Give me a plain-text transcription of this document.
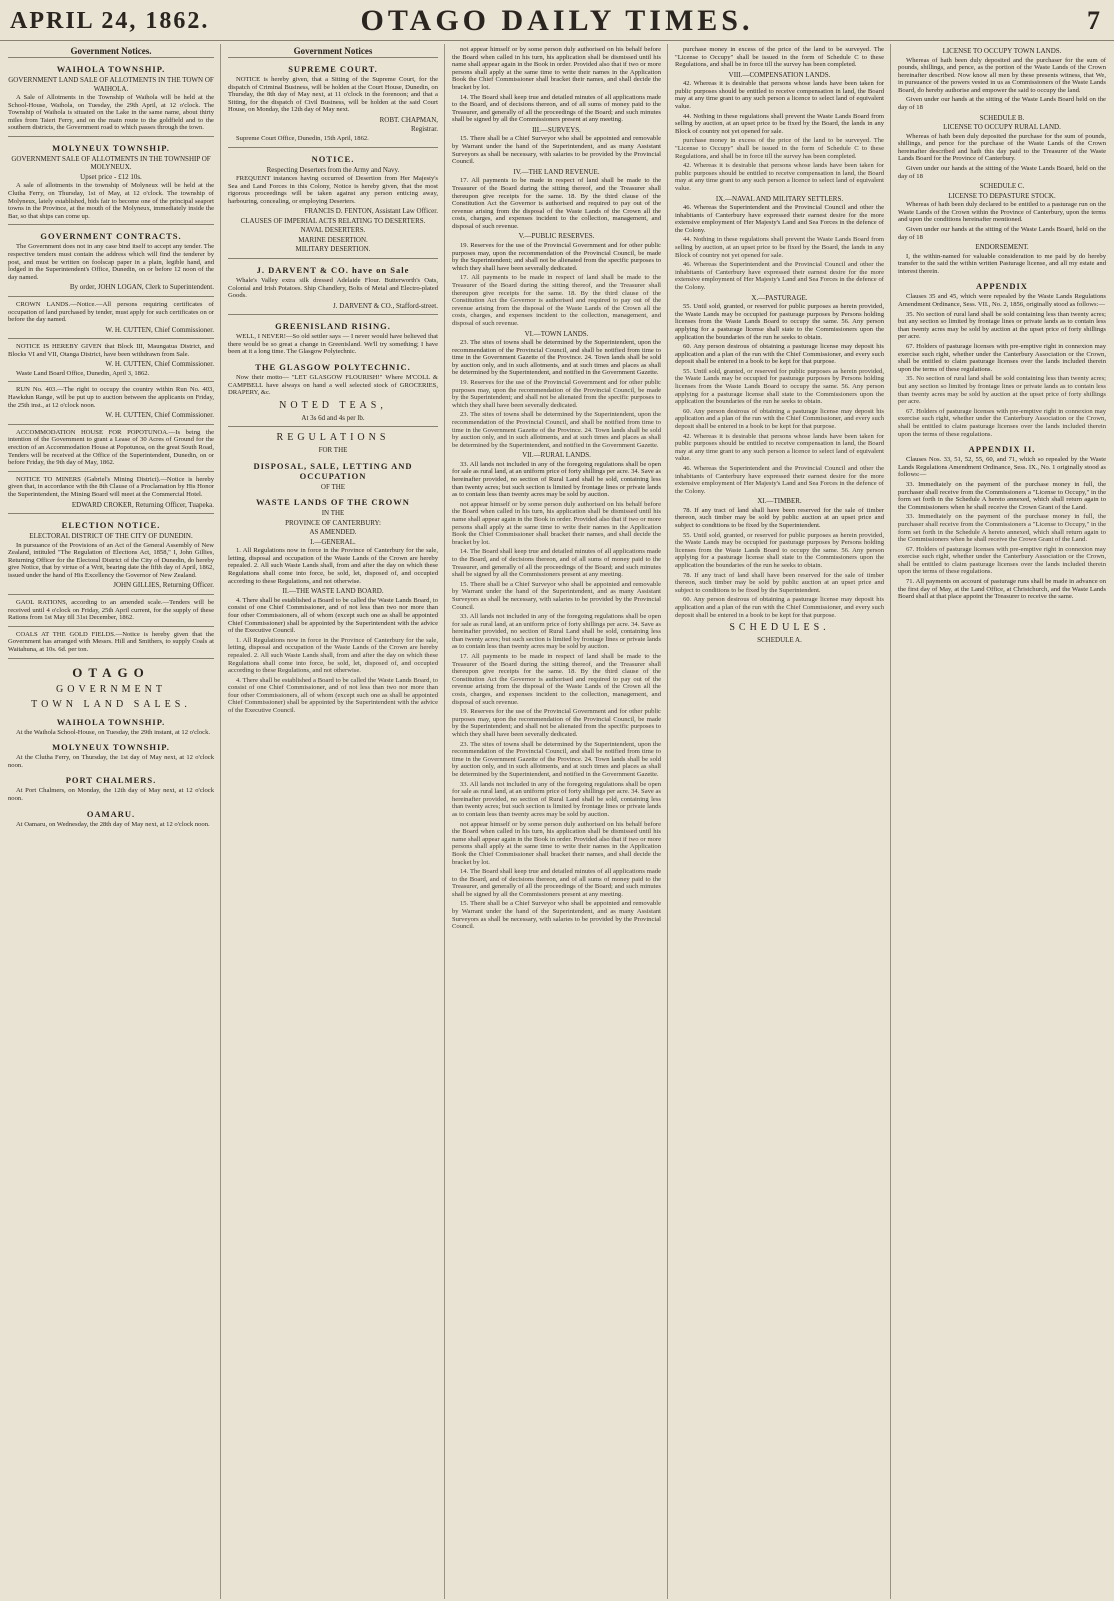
APRIL 24, 1862.	OTAGO DAILY TIMES.	7
Government Notices.
WAIHOLA TOWNSHIP.
GOVERNMENT LAND SALE OF ALLOTMENTS IN THE TOWN OF WAIHOLA.

A Sale of Allotments in the Township of Waihola will be held at the School-House, Waihola, on Tuesday, the 29th April, at 12 o'clock. The Township of Waihola is situated on the Lake in the same name, about thirty miles from Taieri Ferry, and on the main route to the goldfield and to the southern districts, the Government road to which passes through the town.

MOLYNEUX TOWNSHIP.
GOVERNMENT SALE OF ALLOTMENTS IN THE TOWNSHIP OF MOLYNEUX.
Upset price - £12 10s.

A sale of allotments in the township of Molyneux will be held at the Clutha Ferry, on Thursday, 1st of May, at 12 o'clock. The township of Molyneux, lately established, bids fair to become one of the principal seaport towns in the Province, at the mouth of the Molyneux, immediately inside the Bar, so that ships can come up.

GOVERNMENT CONTRACTS.

The Government does not in any case bind itself to accept any tender. The respective tenders must contain the address which will find the tenderer by post, and must be written on foolscap paper in a plain, legible hand, and lodged in the Superintendent's Office, Dunedin, on or before 12 noon of the day named.

By order, JOHN LOGAN, Clerk to Superintendent.

CROWN LANDS.—Notice.—All persons requiring certificates of occupation of land purchased by tender, must apply for such certificates on or before the day named.

W. H. CUTTEN, Chief Commissioner.

NOTICE IS HEREBY GIVEN that Block III, Maungatua District, and Blocks VI and VII, Otanga District, have been withdrawn from Sale.

W. H. CUTTEN, Chief Commissioner.

Waste Land Board Office, Dunedin, April 3, 1862.

RUN No. 403.—The right to occupy the country within Run No. 403, Hawkdun Range, will be put up to auction between the applicants on Friday, the 25th inst., at 12 o'clock noon.

W. H. CUTTEN, Chief Commissioner.

ACCOMMODATION HOUSE FOR POPOTUNOA.—Is being the intention of the Government to grant a Lease of 30 Acres of Ground for the erection of an Accommodation House at Popotunoa, on the great South Road, Tenders will be received at the Office of the Superintendent, Dunedin, on or before Friday, the 9th day of May, 1862.

NOTICE TO MINERS (Gabriel's Mining District).—Notice is hereby given that, in accordance with the 8th Clause of a Proclamation by His Honor the Superintendent, the Mining Board will meet at the Commercial Hotel.

EDWARD CROKER, Returning Officer, Tuapeka.
ELECTION NOTICE.
ELECTORAL DISTRICT OF THE CITY OF DUNEDIN.

In pursuance of the Provisions of an Act of the General Assembly of New Zealand, intituled "The Regulation of Elections Act, 1858," I, John Gillies, Returning Officer for the Electoral District of the City of Dunedin, do hereby give Notice, that by virtue of a Writ, bearing date the fifth day of April, 1862, issued under the hand of His Excellency the Governor of New Zealand.

JOHN GILLIES, Returning Officer.

GAOL RATIONS, according to an amended scale.—Tenders will be received until 4 o'clock on Friday, 25th April current, for the supply of these Rations from 1st May till 31st December, 1862.

COALS AT THE GOLD FIELDS.—Notice is hereby given that the Government has arranged with Messrs. Hill and Smithers, to supply Coals at Waitahuna, at 10s. 6d. per ton.

OTAGO
GOVERNMENT
TOWN LAND SALES.
WAIHOLA TOWNSHIP.

At the Waihola School-House, on Tuesday, the 29th instant, at 12 o'clock.

MOLYNEUX TOWNSHIP.

At the Clutha Ferry, on Thursday, the 1st day of May next, at 12 o'clock noon.

PORT CHALMERS.

At Port Chalmers, on Monday, the 12th day of May next, at 12 o'clock noon.

OAMARU.

At Oamaru, on Wednesday, the 28th day of May next, at 12 o'clock noon.

Government Notices
SUPREME COURT.

NOTICE is hereby given, that a Sitting of the Supreme Court, for the dispatch of Criminal Business, will be holden at the Court House, Dunedin, on Thursday, the 8th day of May next, at 11 o'clock in the forenoon; and that a Sitting, for the dispatch of Civil Business, will be holden at the said Court House, on Monday, the 12th day of May next.

ROBT. CHAPMAN,
Registrar.

Supreme Court Office, Dunedin, 15th April, 1862.

NOTICE.
Respecting Deserters from the Army and Navy.

FREQUENT instances having occurred of Desertion from Her Majesty's Sea and Land Forces in this Colony, Notice is hereby given, that the most rigorous proceedings will be taken against any person enticing away, harbouring, concealing, or employing Deserters.

FRANCIS D. FENTON, Assistant Law Officer.
CLAUSES OF IMPERIAL ACTS RELATING TO DESERTERS.
NAVAL DESERTERS.
MARINE DESERTION.
MILITARY DESERTION.
J. DARVENT & CO. have on Sale

Whale's Valley extra silk dressed Adelaide Flour. Butterworth's Oats, Colonial and Irish Potatoes. Ship Chandlery, Bolts of Metal and Electro-plated Goods.

J. DARVENT & CO., Stafford-street.
GREENISLAND RISING.

WELL, I NEVER!—So old settler says — I never would have believed that there would be so great a change in Greenisland. We'll try something; I have been at it a long time. The Glasgow Polytechnic.

THE GLASGOW POLYTECHNIC.

Now their motto— "LET GLASGOW FLOURISH!" Where M'COLL & CAMPBELL have always on hand a well selected stock of GROCERIES, DRAPERY, &c.

NOTED TEAS,
At 3s 6d and 4s per lb.
REGULATIONS
FOR THE
DISPOSAL, SALE, LETTING AND OCCUPATION
OF THE
WASTE LANDS OF THE CROWN
IN THE
PROVINCE OF CANTERBURY:
AS AMENDED.
I.—GENERAL.

1. All Regulations now in force in the Province of Canterbury for the sale, letting, disposal and occupation of the Waste Lands of the Crown are hereby repealed. 2. All such Waste Lands shall, from and after the day on which these Regulations shall come into force, be sold, let, disposed of, and occupied according to these Regulations, and not otherwise.

II.—THE WASTE LAND BOARD.

4. There shall be established a Board to be called the Waste Lands Board, to consist of one Chief Commissioner, and of not less than two nor more than four other Commissioners, all of whom (except such one as shall be appointed Chief Commissioner) shall be appointed by the Superintendent with the advice of the Executive Council.

1. All Regulations now in force in the Province of Canterbury for the sale, letting, disposal and occupation of the Waste Lands of the Crown are hereby repealed. 2. All such Waste Lands shall, from and after the day on which these Regulations shall come into force, be sold, let, disposed of, and occupied according to these Regulations, and not otherwise.

4. There shall be established a Board to be called the Waste Lands Board, to consist of one Chief Commissioner, and of not less than two nor more than four other Commissioners, all of whom (except such one as shall be appointed Chief Commissioner) shall be appointed by the Superintendent with the advice of the Executive Council.

not appear himself or by some person duly authorised on his behalf before the Board when called in his turn, his application shall be dismissed until his name shall appear again in the Book in order. Provided also that if two or more persons shall apply at the same time to write their names in the Application Book the Chief Commissioner shall bracket their names, and shall decide the bracket by lot.

14. The Board shall keep true and detailed minutes of all applications made to the Board, and of decisions thereon, and of all sums of money paid to the Treasurer, and generally of all the proceedings of the Board; and such minutes shall be signed by all the Commissioners present at any meeting.

III.—SURVEYS.

15. There shall be a Chief Surveyor who shall be appointed and removable by Warrant under the hand of the Superintendent, and as many Assistant Surveyors as shall be necessary, with salaries to be provided by the Provincial Council.

IV.—THE LAND REVENUE.

17. All payments to be made in respect of land shall be made to the Treasurer of the Board during the sitting thereof, and the Treasurer shall thereupon give receipts for the same. 18. By the third clause of the Constitution Act the Governor is authorised and required to pay out of the revenue arising from the disposal of the Waste Lands of the Crown all the costs, charges, and expenses incident to the collection, management, and disposal of such revenue.

V.—PUBLIC RESERVES.

19. Reserves for the use of the Provincial Government and for other public purposes may, upon the recommendation of the Provincial Council, be made by the Superintendent; and shall not be alienated from the specific purposes to which they shall have been severally dedicated.

17. All payments to be made in respect of land shall be made to the Treasurer of the Board during the sitting thereof, and the Treasurer shall thereupon give receipts for the same. 18. By the third clause of the Constitution Act the Governor is authorised and required to pay out of the revenue arising from the disposal of the Waste Lands of the Crown all the costs, charges, and expenses incident to the collection, management, and disposal of such revenue.

VI.—TOWN LANDS.

23. The sites of towns shall be determined by the Superintendent, upon the recommendation of the Provincial Council, and shall be notified from time to time in the Government Gazette of the Province. 24. Town lands shall be sold by auction only, and in such allotments, and at such times and places as shall be determined by the Superintendent, and notified in the Government Gazette.

19. Reserves for the use of the Provincial Government and for other public purposes may, upon the recommendation of the Provincial Council, be made by the Superintendent; and shall not be alienated from the specific purposes to which they shall have been severally dedicated.

23. The sites of towns shall be determined by the Superintendent, upon the recommendation of the Provincial Council, and shall be notified from time to time in the Government Gazette of the Province. 24. Town lands shall be sold by auction only, and in such allotments, and at such times and places as shall be determined by the Superintendent, and notified in the Government Gazette.

VII.—RURAL LANDS.

33. All lands not included in any of the foregoing regulations shall be open for sale as rural land, at an uniform price of forty shillings per acre. 34. Save as hereinafter provided, no section of Rural Land shall be sold, containing less than twenty acres; but such section is limited by frontage lines or private lands as to contain less than twenty acres may be sold by auction.

not appear himself or by some person duly authorised on his behalf before the Board when called in his turn, his application shall be dismissed until his name shall appear again in the Book in order. Provided also that if two or more persons shall apply at the same time to write their names in the Application Book the Chief Commissioner shall bracket their names, and shall decide the bracket by lot.

14. The Board shall keep true and detailed minutes of all applications made to the Board, and of decisions thereon, and of all sums of money paid to the Treasurer, and generally of all the proceedings of the Board; and such minutes shall be signed by all the Commissioners present at any meeting.

15. There shall be a Chief Surveyor who shall be appointed and removable by Warrant under the hand of the Superintendent, and as many Assistant Surveyors as shall be necessary, with salaries to be provided by the Provincial Council.

33. All lands not included in any of the foregoing regulations shall be open for sale as rural land, at an uniform price of forty shillings per acre. 34. Save as hereinafter provided, no section of Rural Land shall be sold, containing less than twenty acres; but such section is limited by frontage lines or private lands as to contain less than twenty acres may be sold by auction.

17. All payments to be made in respect of land shall be made to the Treasurer of the Board during the sitting thereof, and the Treasurer shall thereupon give receipts for the same. 18. By the third clause of the Constitution Act the Governor is authorised and required to pay out of the revenue arising from the disposal of the Waste Lands of the Crown all the costs, charges, and expenses incident to the collection, management, and disposal of such revenue.

19. Reserves for the use of the Provincial Government and for other public purposes may, upon the recommendation of the Provincial Council, be made by the Superintendent; and shall not be alienated from the specific purposes to which they shall have been severally dedicated.

23. The sites of towns shall be determined by the Superintendent, upon the recommendation of the Provincial Council, and shall be notified from time to time in the Government Gazette of the Province. 24. Town lands shall be sold by auction only, and in such allotments, and at such times and places as shall be determined by the Superintendent, and notified in the Government Gazette.

33. All lands not included in any of the foregoing regulations shall be open for sale as rural land, at an uniform price of forty shillings per acre. 34. Save as hereinafter provided, no section of Rural Land shall be sold, containing less than twenty acres; but such section is limited by frontage lines or private lands as to contain less than twenty acres may be sold by auction.

not appear himself or by some person duly authorised on his behalf before the Board when called in his turn, his application shall be dismissed until his name shall appear again in the Book in order. Provided also that if two or more persons shall apply at the same time to write their names in the Application Book the Chief Commissioner shall bracket their names, and shall decide the bracket by lot.

14. The Board shall keep true and detailed minutes of all applications made to the Board, and of decisions thereon, and of all sums of money paid to the Treasurer, and generally of all the proceedings of the Board; and such minutes shall be signed by all the Commissioners present at any meeting.

15. There shall be a Chief Surveyor who shall be appointed and removable by Warrant under the hand of the Superintendent, and as many Assistant Surveyors as shall be necessary, with salaries to be provided by the Provincial Council.

purchase money in excess of the price of the land to be surveyed. The "License to Occupy" shall be issued in the form of Schedule C to these Regulations, and shall be in force till the survey has been completed.

VIII.—COMPENSATION LANDS.

42. Whereas it is desirable that persons whose lands have been taken for public purposes should be entitled to receive compensation in land, the Board may at any time grant to any such person a licence to select land of equivalent value.

44. Nothing in these regulations shall prevent the Waste Lands Board from selling by auction, at an upset price to be fixed by the Board, the lands in any Block of country not yet opened for sale.

purchase money in excess of the price of the land to be surveyed. The "License to Occupy" shall be issued in the form of Schedule C to these Regulations, and shall be in force till the survey has been completed.

42. Whereas it is desirable that persons whose lands have been taken for public purposes should be entitled to receive compensation in land, the Board may at any time grant to any such person a licence to select land of equivalent value.

IX.—NAVAL AND MILITARY SETTLERS.

46. Whereas the Superintendent and the Provincial Council and other the inhabitants of Canterbury have expressed their earnest desire for the more extensive employment of Her Majesty's Land and Sea Forces in the defence of the Colony.

44. Nothing in these regulations shall prevent the Waste Lands Board from selling by auction, at an upset price to be fixed by the Board, the lands in any Block of country not yet opened for sale.

46. Whereas the Superintendent and the Provincial Council and other the inhabitants of Canterbury have expressed their earnest desire for the more extensive employment of Her Majesty's Land and Sea Forces in the defence of the Colony.

X.—PASTURAGE.

55. Until sold, granted, or reserved for public purposes as herein provided, the Waste Lands may be occupied for pasturage purposes by Persons holding licenses from the Waste Lands Board to occupy the same. 56. Any person applying for a pasturage license shall state to the Commissioners upon the application the boundaries of the run he seeks to obtain.

60. Any person desirous of obtaining a pasturage license may deposit his application and a plan of the run with the Chief Commissioner, and every such deposit shall be entered in a book to be kept for that purpose.

55. Until sold, granted, or reserved for public purposes as herein provided, the Waste Lands may be occupied for pasturage purposes by Persons holding licenses from the Waste Lands Board to occupy the same. 56. Any person applying for a pasturage license shall state to the Commissioners upon the application the boundaries of the run he seeks to obtain.

60. Any person desirous of obtaining a pasturage license may deposit his application and a plan of the run with the Chief Commissioner, and every such deposit shall be entered in a book to be kept for that purpose.

42. Whereas it is desirable that persons whose lands have been taken for public purposes should be entitled to receive compensation in land, the Board may at any time grant to any such person a licence to select land of equivalent value.

46. Whereas the Superintendent and the Provincial Council and other the inhabitants of Canterbury have expressed their earnest desire for the more extensive employment of Her Majesty's Land and Sea Forces in the defence of the Colony.

XI.—TIMBER.

78. If any tract of land shall have been reserved for the sale of timber thereon, such timber may be sold by public auction at an upset price and subject to conditions to be fixed by the Superintendent.

55. Until sold, granted, or reserved for public purposes as herein provided, the Waste Lands may be occupied for pasturage purposes by Persons holding licenses from the Waste Lands Board to occupy the same. 56. Any person applying for a pasturage license shall state to the Commissioners upon the application the boundaries of the run he seeks to obtain.

78. If any tract of land shall have been reserved for the sale of timber thereon, such timber may be sold by public auction at an upset price and subject to conditions to be fixed by the Superintendent.

60. Any person desirous of obtaining a pasturage license may deposit his application and a plan of the run with the Chief Commissioner, and every such deposit shall be entered in a book to be kept for that purpose.

SCHEDULES.
SCHEDULE A.
LICENSE TO OCCUPY TOWN LANDS.

Whereas of hath been duly deposited and the purchaser for the sum of pounds, shillings, and pence, as the portion of the Waste Lands of the Crown hereinafter described. Now know all men by these presents witness, that We, in pursuance of the powers vested in us as Commissioners of the Waste Lands Board, do hereby authorise and empower the said to occupy the land.

Given under our hands at the sitting of the Waste Lands Board held on the day of 18

SCHEDULE B.
LICENSE TO OCCUPY RURAL LAND.

Whereas of hath been duly deposited the purchase for the sum of pounds, shillings, and pence for the purchase of the Waste Lands of the Crown hereinafter described and hath this day paid to the Treasurer of the Waste Lands Board for the Province of Canterbury.

Given under our hands at the sitting of the Waste Lands Board, held on the day of 18

SCHEDULE C.
LICENSE TO DEPASTURE STOCK.

Whereas of hath been duly declared to be entitled to a pasturage run on the Waste Lands of the Crown within the Province of Canterbury, upon the terms and upon the conditions hereinafter mentioned.

Given under our hands at the sitting of the Waste Lands Board, held on the day of 18

ENDORSEMENT.

I, the within-named for valuable consideration to me paid by do hereby transfer to the said the within written Pasturage license, and all my estate and interest therein.

APPENDIX

Clauses 35 and 45, which were repealed by the Waste Lands Regulations Amendment Ordinance, Sess. VII., No. 2, 1856, originally stood as follows:—

35. No section of rural land shall be sold containing less than twenty acres; but any section so limited by frontage lines or private lands as to contain less than twenty acres may be sold by auction at the upset price of forty shillings per acre.

67. Holders of pasturage licenses with pre-emptive right in connexion may exercise such right, whether under the Canterbury Association or the Crown, shall be entitled to claim pasturage licenses over the lands included therein upon the terms of these regulations.

35. No section of rural land shall be sold containing less than twenty acres; but any section so limited by frontage lines or private lands as to contain less than twenty acres may be sold by auction at the upset price of forty shillings per acre.

67. Holders of pasturage licenses with pre-emptive right in connexion may exercise such right, whether under the Canterbury Association or the Crown, shall be entitled to claim pasturage licenses over the lands included therein upon the terms of these regulations.

APPENDIX II.

Clauses Nos. 33, 51, 52, 55, 60, and 71, which so repealed by the Waste Lands Regulations Amendment Ordinance, Sess. IX., No. 1 originally stood as follows:—

33. Immediately on the payment of the purchase money in full, the purchaser shall receive from the Commissioners a "License to Occupy," in the form set forth in the Schedule A hereto annexed, which shall return again to the Commissioners when he shall receive the Crown Grant of the Land.

33. Immediately on the payment of the purchase money in full, the purchaser shall receive from the Commissioners a "License to Occupy," in the form set forth in the Schedule A hereto annexed, which shall return again to the Commissioners when he shall receive the Crown Grant of the Land.

67. Holders of pasturage licenses with pre-emptive right in connexion may exercise such right, whether under the Canterbury Association or the Crown, shall be entitled to claim pasturage licenses over the lands included therein upon the terms of these regulations.

71. All payments on account of pasturage runs shall be made in advance on the first day of May, at the Land Office, at Christchurch, and the Waste Lands Board shall at that place appoint the Treasurer to receive the same.
